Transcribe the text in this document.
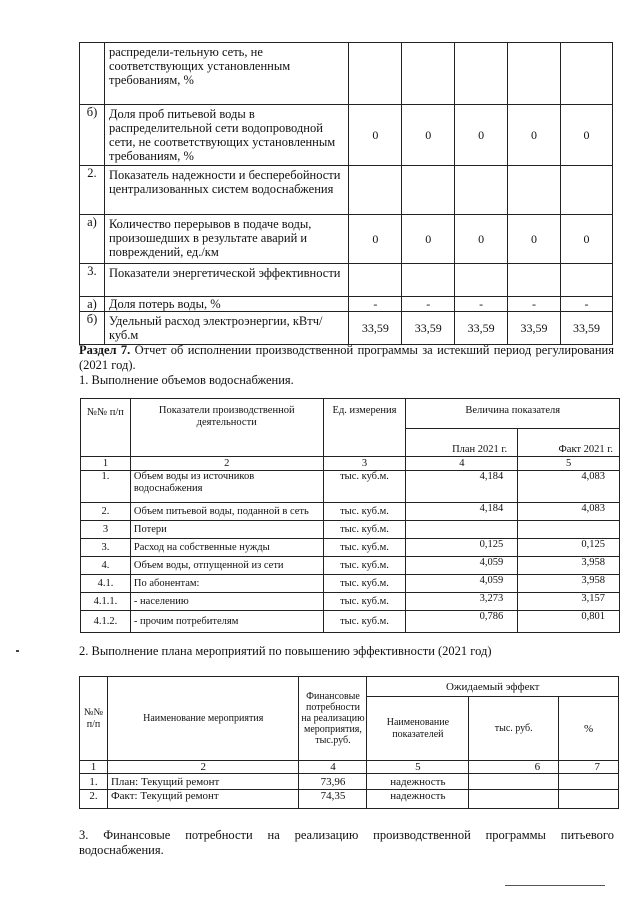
	распредели-тельную сеть, не соответствующих установленным требованиям, %					
б)	Доля проб питьевой воды в распределительной сети водопроводной сети, не соответствующих установленным требованиям, %	0	0	0	0	0
2.	Показатель надежности и бесперебойности централизованных систем водоснабжения					
а)	Количество перерывов в подаче воды, произошедших в результате аварий и повреждений, ед./км	0	0	0	0	0
3.	Показатели энергетической эффективности					
а)	Доля потерь воды, %	-	-	-	-	-
б)	Удельный расход электроэнергии, кВтч/куб.м	33,59	33,59	33,59	33,59	33,59

Раздел 7. Отчет об исполнении производственной программы за истекший период регулирования (2021 год).

1. Выполнение объемов водоснабжения.

№№ п/п	Показатели производственной деятельности	Ед. измерения	Величина показателя	
			План 2021 г.	Факт 2021 г.
1	2	3	4	5
1.	Объем воды из источников водоснабжения	тыс. куб.м.	4,184	4,083
2.	Объем питьевой воды, поданной в сеть	тыс. куб.м.	4,184	4,083
3	Потери	тыс. куб.м.		
3.	Расход на собственные нужды	тыс. куб.м.	0,125	0,125
4.	Объем воды, отпущенной из сети	тыс. куб.м.	4,059	3,958
4.1.	По абонентам:	тыс. куб.м.	4,059	3,958
4.1.1.	- населению	тыс. куб.м.	3,273	3,157
4.1.2.	- прочим потребителям	тыс. куб.м.	0,786	0,801

2. Выполнение плана мероприятий по повышению эффективности (2021 год)

№№ п/п	Наименование мероприятия	Финансовые потребности на реализацию мероприятия, тыс.руб.	Ожидаемый эффект		
			Наименование показателей	тыс. руб.	%
1	2	4	5	6	7
1.	План: Текущий ремонт	73,96	надежность		
2.	Факт: Текущий ремонт	74,35	надежность		

3. Финансовые потребности на реализацию производственной программы питьевого водоснабжения.
